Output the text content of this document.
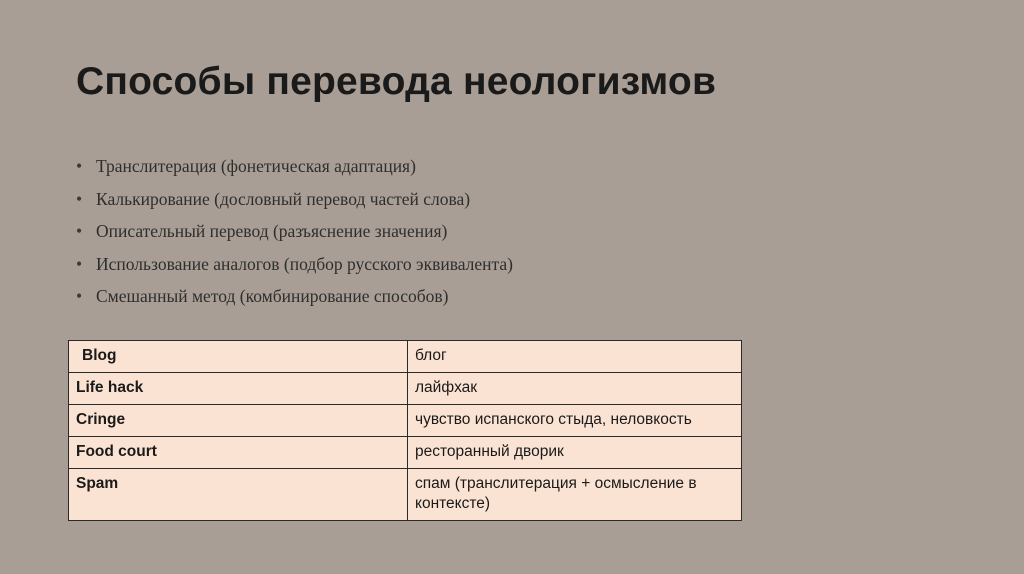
Способы перевода неологизмов
• Транслитерация (фонетическая адаптация)
• Калькирование (дословный перевод частей слова)
• Описательный перевод (разъяснение значения)
• Использование аналогов (подбор русского эквивалента)
• Смешанный метод (комбинирование способов)
Blog	блог
Life hack	лайфхак
Cringe	чувство испанского стыда, неловкость
Food court	ресторанный дворик
Spam	спам (транслитерация + осмысление в контексте)
